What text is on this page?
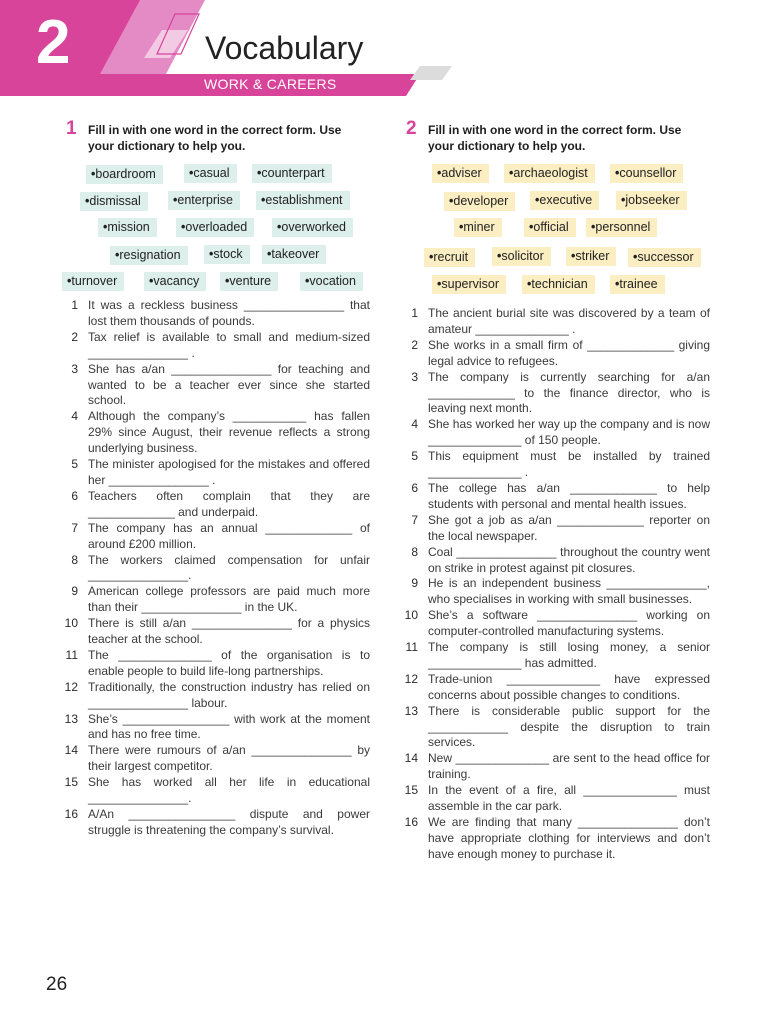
2	Vocabulary
WORK & CAREERS
1 Fill in with one word in the correct form. Use your dictionary to help you.
• boardroom	• casual	• counterpart
• dismissal	• enterprise	• establishment
• mission	• overloaded	• overworked
• resignation	• stock	• takeover
• turnover	• vacancy	• venture	• vocation
1 It was a reckless business _______________ that lost them thousands of pounds.
2 Tax relief is available to small and medium-sized _______________ .
3 She has a/an _______________ for teaching and wanted to be a teacher ever since she started school.
4 Although the company’s ___________ has fallen 29% since August, their revenue reflects a strong underlying business.
5 The minister apologised for the mistakes and offered her _______________ .
6 Teachers often complain that they are _____________ and underpaid.
7 The company has an annual _____________ of around £200 million.
8 The workers claimed compensation for unfair _______________.
9 American college professors are paid much more than their _______________ in the UK.
10 There is still a/an _______________ for a physics teacher at the school.
11 The ______________ of the organisation is to enable people to build life-long partnerships.
12 Traditionally, the construction industry has relied on _______________ labour.
13 She’s ________________ with work at the moment and has no free time.
14 There were rumours of a/an _______________ by their largest competitor.
15 She has worked all her life in educational _______________.
16 A/An ________________ dispute and power struggle is threatening the company’s survival.
2 Fill in with one word in the correct form. Use your dictionary to help you.
• adviser	• archaeologist	• counsellor
• developer	• executive	• jobseeker
• miner	• official	• personnel
• recruit	• solicitor	• striker	• successor
• supervisor	• technician	• trainee
1 The ancient burial site was discovered by a team of amateur ______________ .
2 She works in a small firm of _____________ giving legal advice to refugees.
3 The company is currently searching for a/an _____________ to the finance director, who is leaving next month.
4 She has worked her way up the company and is now ______________ of 150 people.
5 This equipment must be installed by trained ______________ .
6 The college has a/an _____________ to help students with personal and mental health issues.
7 She got a job as a/an _____________ reporter on the local newspaper.
8 Coal _______________ throughout the country went on strike in protest against pit closures.
9 He is an independent business _______________, who specialises in working with small businesses.
10 She’s a software _______________ working on computer-controlled manufacturing systems.
11 The company is still losing money, a senior ______________ has admitted.
12 Trade-union ______________ have expressed concerns about possible changes to conditions.
13 There is considerable public support for the ____________ despite the disruption to train services.
14 New ______________ are sent to the head office for training.
15 In the event of a fire, all ______________ must assemble in the car park.
16 We are finding that many _______________ don’t have appropriate clothing for interviews and don’t have enough money to purchase it.
26
